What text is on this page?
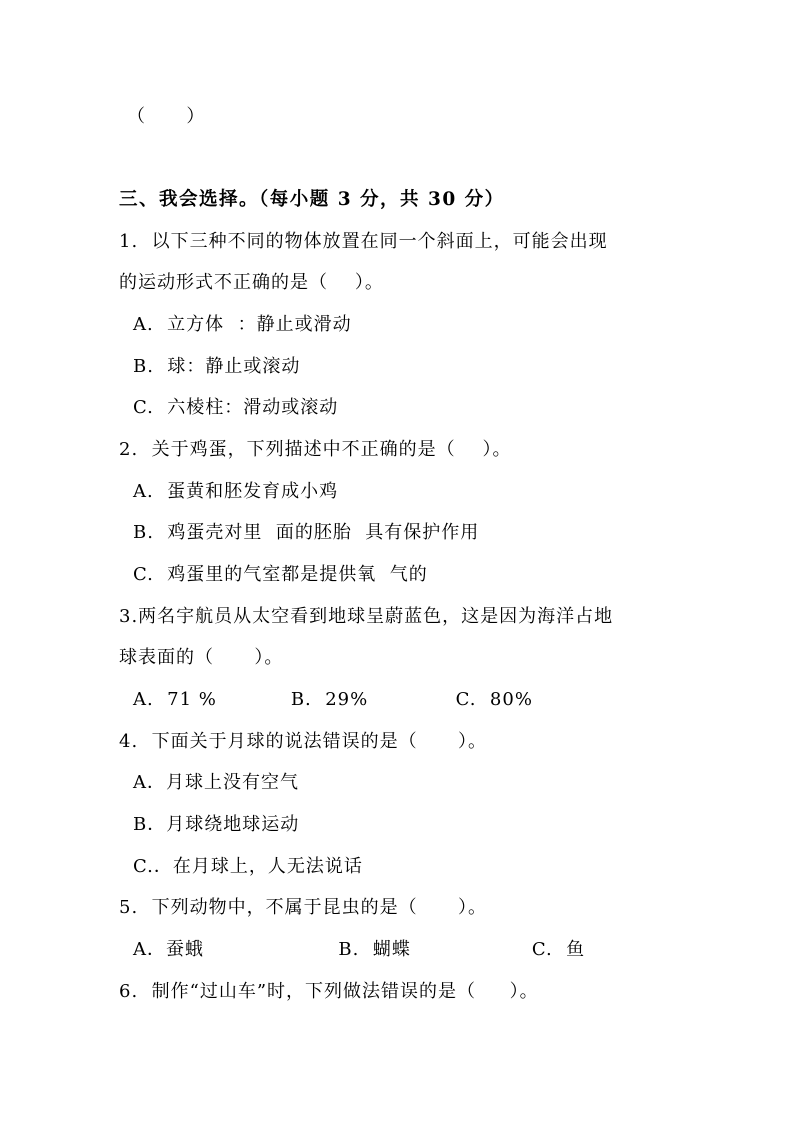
（      ）
三、我会选择。（每小题 3 分，共 30 分）
1.  以下三种不同的物体放置在同一个斜面上，可能会出现
的运动形式不正确的是（    ）。
A.  立方体  ：静止或滑动
B.  球：静止或滚动
C.  六棱柱：滑动或滚动
2.  关于鸡蛋，下列描述中不正确的是（    ）。
A.  蛋黄和胚发育成小鸡
B.  鸡蛋壳对里  面的胚胎  具有保护作用
C.  鸡蛋里的气室都是提供氧  气的
3.两名宇航员从太空看到地球呈蔚蓝色，这是因为海洋占地
球表面的（      ）。
A.  71 %           B.  29%             C.  80%
4.  下面关于月球的说法错误的是（      ）。
A．月球上没有空气
B．月球绕地球运动
C.．在月球上，人无法说话
5.  下列动物中，不属于昆虫的是（      ）。
A．蚕蛾                    B.  蝴蝶                  C.  鱼
6.  制作“过山车”时，下列做法错误的是（     ）。
